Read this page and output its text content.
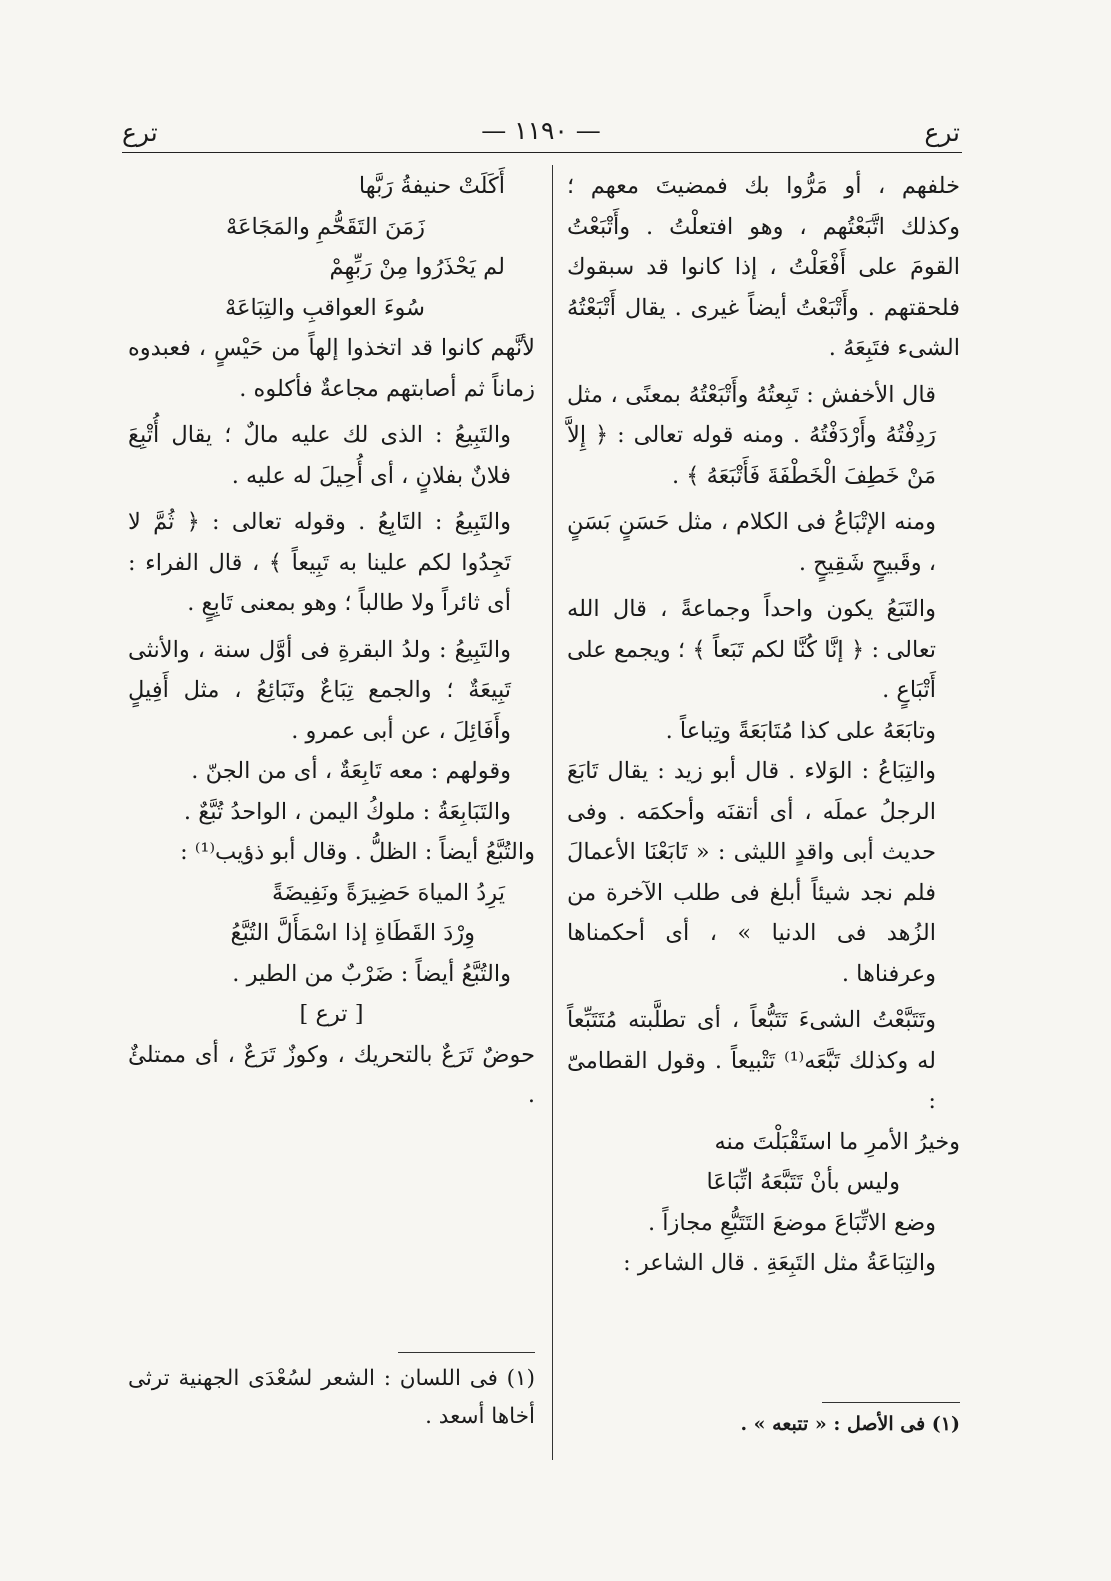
ترع
— ١١٩٠ —
ترع

خلفهم ، أو مَرُّوا بك فمضيتَ معهم ؛ وكذلك اتَّبَعْتُهم ، وهو افتعلْتُ . وأَتْبَعْتُ القومَ على أَفْعَلْتُ ، إذا كانوا قد سبقوك فلحقتهم . وأَتْبَعْتُ أيضاً غيرى . يقال أَتْبَعْتُهُ الشىء فتَبِعَهُ .

قال الأخفش : تَبِعتُهُ وأَتْبَعْتُهُ بمعنًى ، مثل رَدِفْتُهُ وأَرْدَفْتُهُ . ومنه قوله تعالى : ﴿ إِلاَّ مَنْ خَطِفَ الْخَطْفَةَ فَأَتْبَعَهُ ﴾ .

ومنه الإتْبَاعُ فى الكلام ، مثل حَسَنٍ بَسَنٍ ، وقَبيحٍ شَقِيحٍ .

والتَبَعُ يكون واحداً وجماعةً ، قال الله تعالى : ﴿ إنَّا كُنَّا لكم تَبَعاً ﴾ ؛ ويجمع على أَتْبَاعٍ .

وتابَعَهُ على كذا مُتَابَعَةً وتِباعاً .

والتِبَاعُ : الوَلاء . قال أبو زيد : يقال تَابَعَ الرجلُ عملَه ، أى أتقنَه وأحكمَه . وفى حديث أبى واقدٍ الليثى : « تَابَعْنَا الأعمالَ فلم نجد شيئاً أبلغ فى طلب الآخرة من الزُهد فى الدنيا » ، أى أحكمناها وعرفناها .

وتَتَبَّعْتُ الشىءَ تَتَبُّعاً ، أى تطلَّبته مُتَتَبِّعاً له وكذلك تَبَّعَه⁽¹⁾ تَتْبيعاً . وقول القطامىّ :

وخيرُ الأمرِ ما استَقْبَلْتَ منه

وليس بأنْ تَتَبَّعَهُ اتِّبَاعَا

وضع الاتِّبَاعَ موضعَ التَتَبُّعِ مجازاً .

والتِبَاعَةُ مثل التَبِعَةِ . قال الشاعر :

أَكَلَتْ حنيفةُ رَبَّها

زَمَنَ التَقَحُّمِ والمَجَاعَهْ

لم يَحْذَرُوا مِنْ رَبِّهِمْ

سُوءَ العواقبِ والتِبَاعَهْ

لأنَّهم كانوا قد اتخذوا إلهاً من حَيْسٍ ، فعبدوه زماناً ثم أصابتهم مجاعةٌ فأكلوه .

والتَبِيعُ : الذى لك عليه مالٌ ؛ يقال أُتْبِعَ فلانٌ بفلانٍ ، أى أُحِيلَ له عليه .

والتَبِيعُ : التَابِعُ . وقوله تعالى : ﴿ ثُمَّ لا تَجِدُوا لكم علينا به تَبِيعاً ﴾ ، قال الفراء : أى ثائراً ولا طالباً ؛ وهو بمعنى تَابِعٍ .

والتَبِيعُ : ولدُ البقرةِ فى أوَّل سنة ، والأنثى تَبِيعَةٌ ؛ والجمع تِبَاعٌ وتَبَائِعُ ، مثل أَفِيلٍ وأَفَائِلَ ، عن أبى عمرو .

وقولهم : معه تَابِعَةٌ ، أى من الجنّ .

والتَبَابِعَةُ : ملوكُ اليمن ، الواحدُ تُبَّعٌ .

والتُبَّعُ أيضاً : الظلُّ . وقال أبو ذؤيب⁽¹⁾ :

يَرِدُ المياهَ حَضِيرَةً ونَفِيضَةً

وِرْدَ القَطَاةِ إذا اسْمَأَلَّ التُبَّعُ

والتُبَّعُ أيضاً : ضَرْبٌ من الطير .

[ ترع ]

حوضٌ تَرَعٌ بالتحريك ، وكوزٌ تَرَعٌ ، أى ممتلئٌ .

(١) فى اللسان : الشعر لسُعْدَى الجهنية ترثى أخاها أسعد .	(١) فى الأصل : « تتبعه » .
